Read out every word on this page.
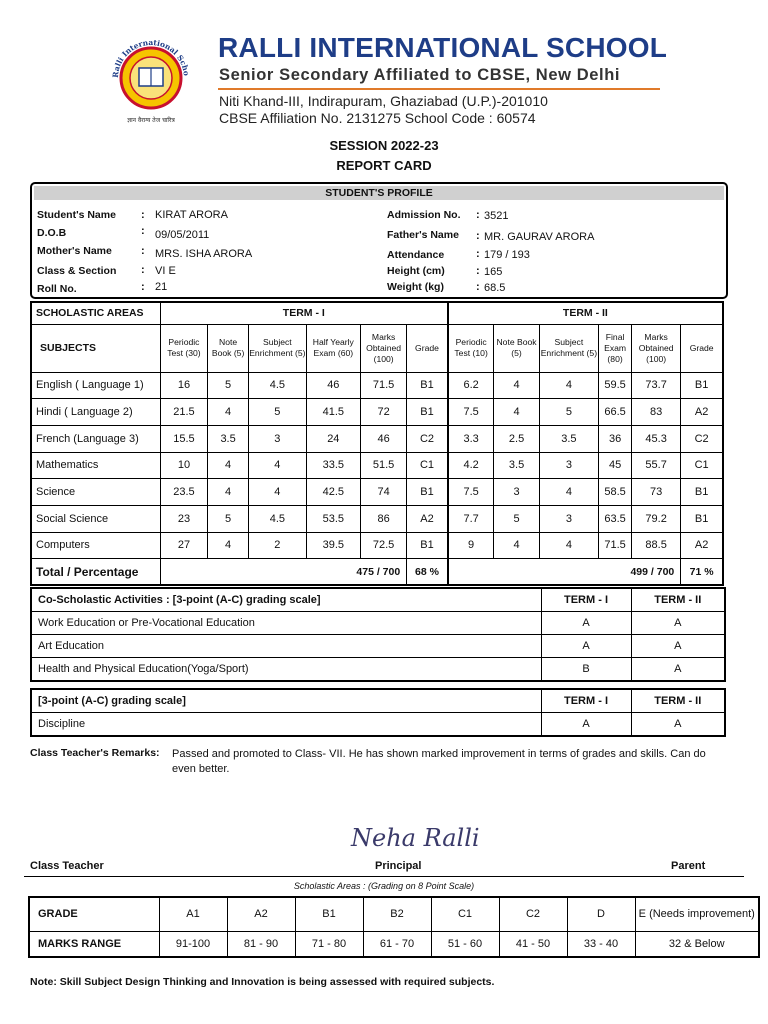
Ralli International Scho
ज्ञान वैराग्य तेज चारित्र
RALLI INTERNATIONAL SCHOOL
Senior Secondary Affiliated to CBSE, New Delhi
Niti Khand-III, Indirapuram, Ghaziabad (U.P.)-201010
CBSE Affiliation No. 2131275 School Code : 60574
SESSION 2022-23
REPORT CARD
STUDENT'S PROFILE
Student's Name : KIRAT ARORA
D.O.B	: 09/05/2011
Mother's Name	: MRS. ISHA ARORA
Class & Section : VI E
Roll No.	: 21
Admission No. : 3521
Father's Name : MR. GAURAV ARORA
Attendance	: 179 / 193
Height (cm)	: 165
Weight (kg)	: 68.5
SCHOLASTIC AREAS	TERM - I						TERM - II					
SUBJECTS	Periodic Test (30)	Note Book (5)	Subject Enrichment (5)	Half Yearly Exam (60)	Marks Obtained (100)	Grade	Periodic Test (10)	Note Book (5)	Subject Enrichment (5)	Final Exam (80)	Marks Obtained (100)	Grade
English ( Language 1)	16	5	4.5	46	71.5	B1	6.2	4	4	59.5	73.7	B1
Hindi ( Language 2)	21.5	4	5	41.5	72	B1	7.5	4	5	66.5	83	A2
French (Language 3)	15.5	3.5	3	24	46	C2	3.3	2.5	3.5	36	45.3	C2
Mathematics	10	4	4	33.5	51.5	C1	4.2	3.5	3	45	55.7	C1
Science	23.5	4	4	42.5	74	B1	7.5	3	4	58.5	73	B1
Social Science	23	5	4.5	53.5	86	A2	7.7	5	3	63.5	79.2	B1
Computers	27	4	2	39.5	72.5	B1	9	4	4	71.5	88.5	A2
Total / Percentage	475 / 700					68 %	499 / 700					71 %
Co-Scholastic Activities : [3-point (A-C) grading scale]	TERM - I	TERM - II
Work Education or Pre-Vocational Education	A	A
Art Education	A	A
Health and Physical Education(Yoga/Sport)	B	A
[3-point (A-C) grading scale]	TERM - I	TERM - II
Discipline	A	A
Class Teacher's Remarks: Passed and promoted to Class- VII. He has shown marked improvement in terms of grades and skills. Can do even better.
Neha Ralli
Class Teacher	Principal	Parent
Scholastic Areas : (Grading on 8 Point Scale)
GRADE	A1	A2	B1	B2	C1	C2	D	E (Needs improvement)
MARKS RANGE	91-100	81 - 90	71 - 80	61 - 70	51 - 60	41 - 50	33 - 40	32 & Below
Note: Skill Subject Design Thinking and Innovation is being assessed with required subjects.
